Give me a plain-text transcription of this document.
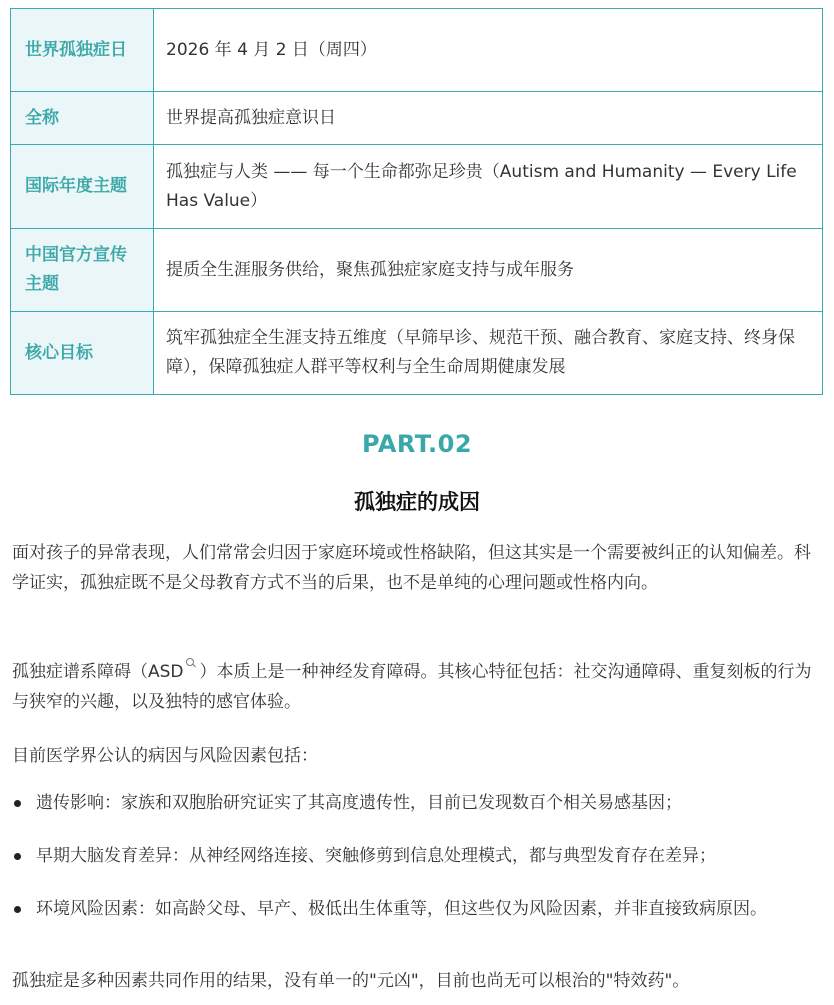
世界孤独症日	2026 年 4 月 2 日（周四）
全称	世界提高孤独症意识日
国际年度主题	孤独症与人类 —— 每一个生命都弥足珍贵（Autism and Humanity — Every Life Has Value）
中国官方宣传主题	提质全生涯服务供给，聚焦孤独症家庭支持与成年服务
核心目标	筑牢孤独症全生涯支持五维度（早筛早诊、规范干预、融合教育、家庭支持、终身保障），保障孤独症人群平等权利与全生命周期健康发展
PART.02
孤独症的成因

面对孩子的异常表现，人们常常会归因于家庭环境或性格缺陷，但这其实是一个需要被纠正的认知偏差。科学证实，孤独症既不是父母教育方式不当的后果，也不是单纯的心理问题或性格内向。

孤独症谱系障碍（ASD ）本质上是一种神经发育障碍。其核心特征包括：社交沟通障碍、重复刻板的行为与狭窄的兴趣，以及独特的感官体验。

目前医学界公认的病因与风险因素包括：

遗传影响：家族和双胞胎研究证实了其高度遗传性，目前已发现数百个相关易感基因；
早期大脑发育差异：从神经网络连接、突触修剪到信息处理模式，都与典型发育存在差异；
环境风险因素：如高龄父母、早产、极低出生体重等，但这些仅为风险因素，并非直接致病原因。

孤独症是多种因素共同作用的结果，没有单一的"元凶"，目前也尚无可以根治的"特效药"。
